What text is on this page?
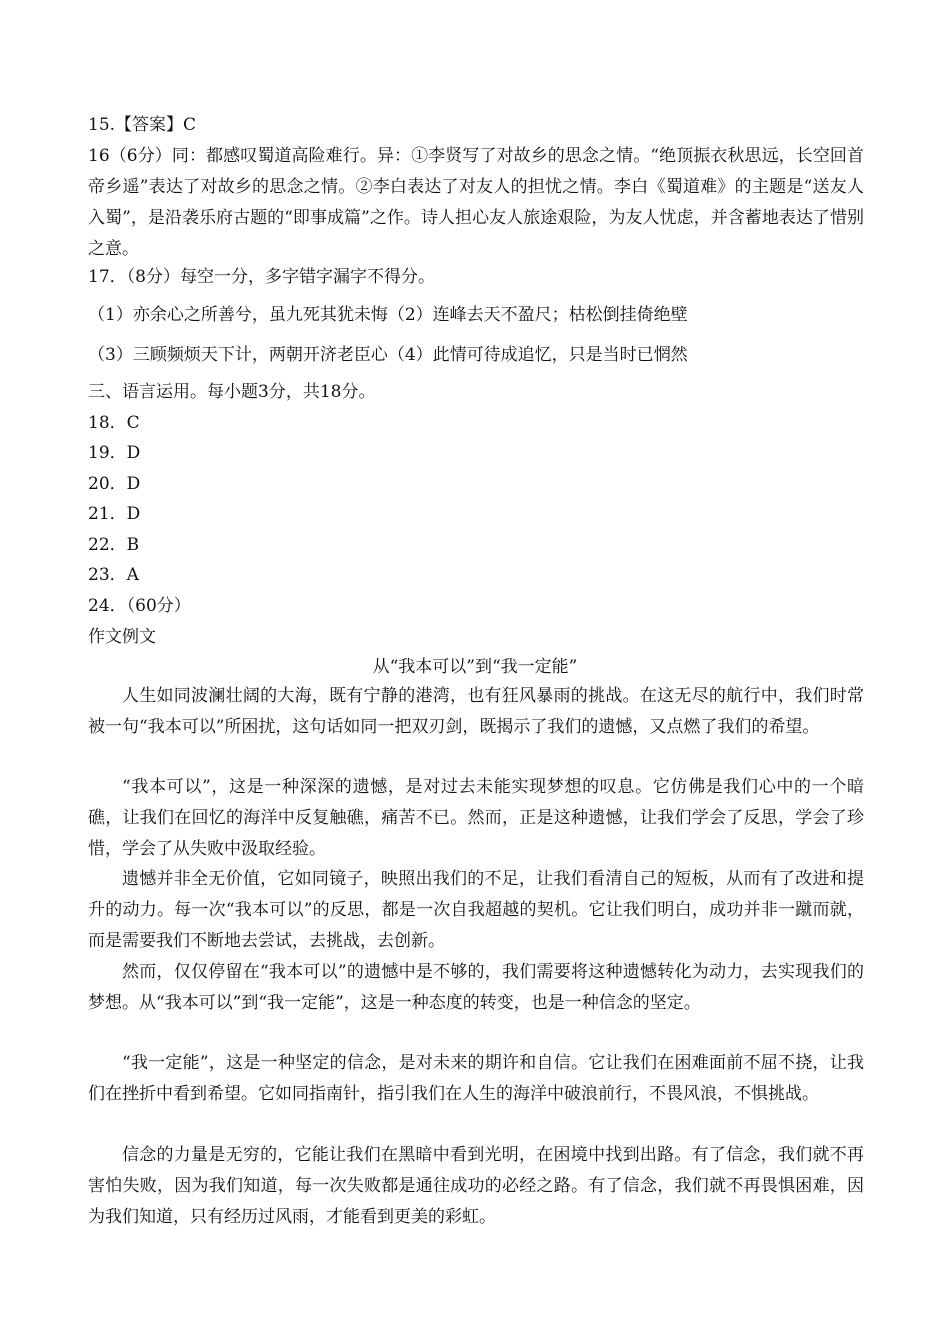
15.【答案】C
16（6分）同：都感叹蜀道高险难行。异：①李贤写了对故乡的思念之情。“绝顶振衣秋思远，长空回首帝乡遥”表达了对故乡的思念之情。②李白表达了对友人的担忧之情。李白《蜀道难》的主题是“送友人入蜀”，是沿袭乐府古题的“即事成篇”之作。诗人担心友人旅途艰险，为友人忧虑，并含蓄地表达了惜别之意。
17．（8分）每空一分，多字错字漏字不得分。
（1）亦余心之所善兮，虽九死其犹未悔（2）连峰去天不盈尺；枯松倒挂倚绝壁
（3）三顾频烦天下计，两朝开济老臣心（4）此情可待成追忆，只是当时已惘然
三、语言运用。每小题3分，共18分。
18．C
19．D
20．D
21．D
22．B
23．A
24．（60分）
作文例文
从“我本可以”到“我一定能”
人生如同波澜壮阔的大海，既有宁静的港湾，也有狂风暴雨的挑战。在这无尽的航行中，我们时常被一句“我本可以”所困扰，这句话如同一把双刃剑，既揭示了我们的遗憾，又点燃了我们的希望。
“我本可以”，这是一种深深的遗憾，是对过去未能实现梦想的叹息。它仿佛是我们心中的一个暗礁，让我们在回忆的海洋中反复触礁，痛苦不已。然而，正是这种遗憾，让我们学会了反思，学会了珍惜，学会了从失败中汲取经验。
遗憾并非全无价值，它如同镜子，映照出我们的不足，让我们看清自己的短板，从而有了改进和提升的动力。每一次“我本可以”的反思，都是一次自我超越的契机。它让我们明白，成功并非一蹴而就，而是需要我们不断地去尝试，去挑战，去创新。
然而，仅仅停留在“我本可以”的遗憾中是不够的，我们需要将这种遗憾转化为动力，去实现我们的梦想。从“我本可以”到“我一定能”，这是一种态度的转变，也是一种信念的坚定。
“我一定能”，这是一种坚定的信念，是对未来的期许和自信。它让我们在困难面前不屈不挠，让我们在挫折中看到希望。它如同指南针，指引我们在人生的海洋中破浪前行，不畏风浪，不惧挑战。
信念的力量是无穷的，它能让我们在黑暗中看到光明，在困境中找到出路。有了信念，我们就不再害怕失败，因为我们知道，每一次失败都是通往成功的必经之路。有了信念，我们就不再畏惧困难，因为我们知道，只有经历过风雨，才能看到更美的彩虹。
